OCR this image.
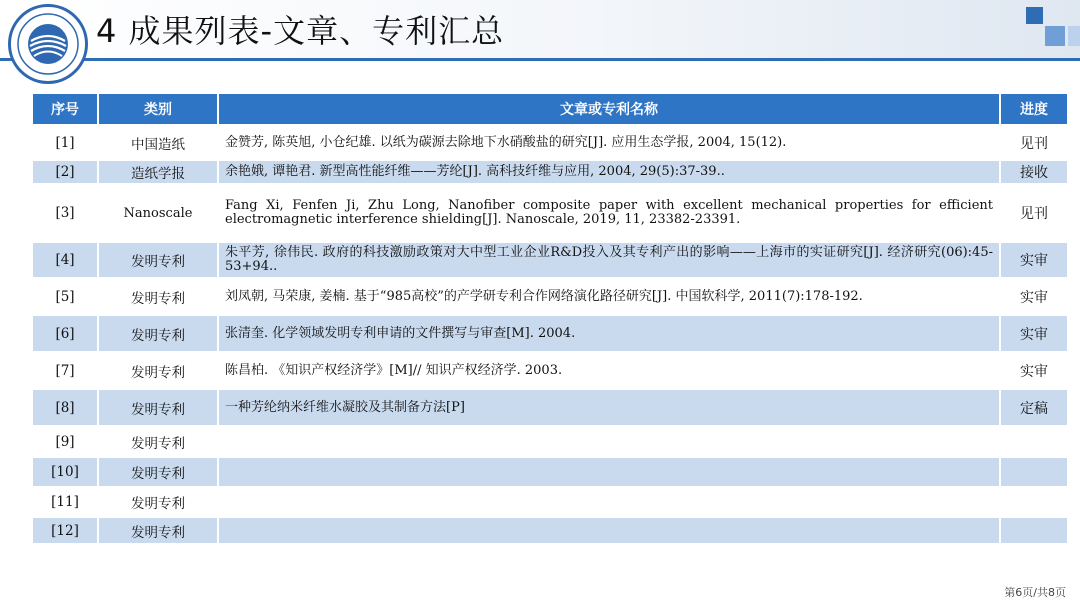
4 成果列表-文章、专利汇总
序号	类别	文章或专利名称	进度
[1]	中国造纸	金赞芳, 陈英旭, 小仓纪雄. 以纸为碳源去除地下水硝酸盐的研究[J]. 应用生态学报, 2004, 15(12).	见刊
[2]	造纸学报	余艳娥, 谭艳君. 新型高性能纤维——芳纶[J]. 高科技纤维与应用, 2004, 29(5):37-39..	接收
[3]	Nanoscale	Fang Xi, Fenfen Ji, Zhu Long, Nanofiber composite paper with excellent mechanical properties for efficient electromagnetic interference shielding[J]. Nanoscale, 2019, 11, 23382-23391.	见刊
[4]	发明专利	朱平芳, 徐伟民. 政府的科技激励政策对大中型工业企业R&D投入及其专利产出的影响——上海市的实证研究[J]. 经济研究(06):45-53+94..	实审
[5]	发明专利	刘凤朝, 马荣康, 姜楠. 基于“985高校”的产学研专利合作网络演化路径研究[J]. 中国软科学, 2011(7):178-192.	实审
[6]	发明专利	张清奎. 化学领域发明专利申请的文件撰写与审查[M]. 2004.	实审
[7]	发明专利	陈昌柏. 《知识产权经济学》[M]// 知识产权经济学. 2003.	实审
[8]	发明专利	一种芳纶纳米纤维水凝胶及其制备方法[P]	定稿
[9]	发明专利		
[10]	发明专利		
[11]	发明专利		
[12]	发明专利		
第6页/共8页
